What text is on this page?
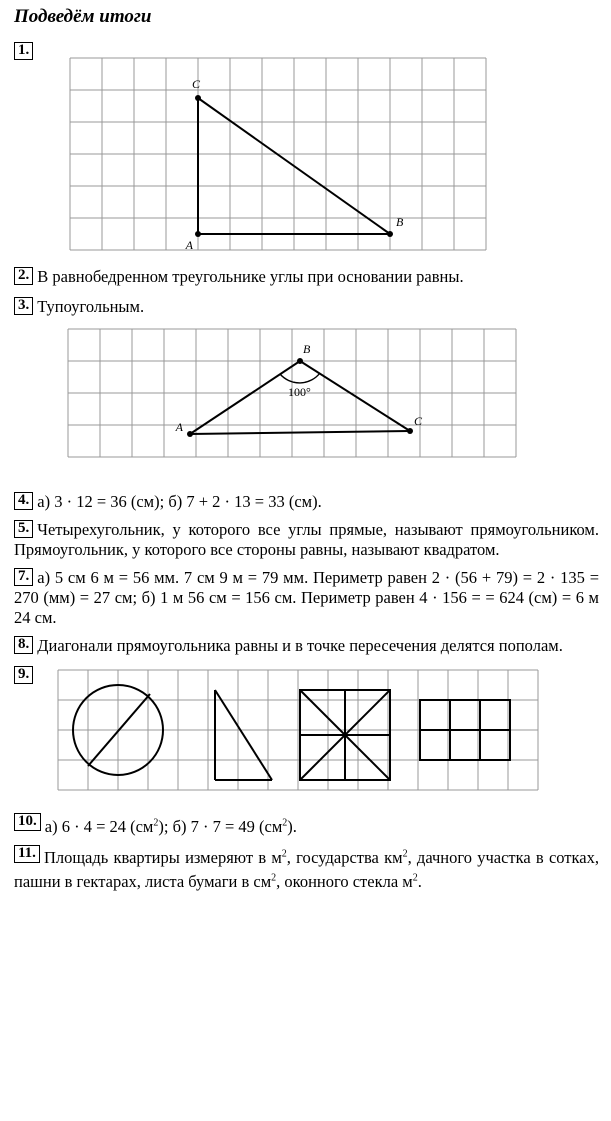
Подведём итоги
1.
C
A
B
2. В равнобедренном треугольнике углы при основании равны.
3. Тупоугольным.
B
A	C
100°
4. а) 3 · 12 = 36 (см); б) 7 + 2 · 13 = 33 (см).
5. Четырехугольник, у которого все углы прямые, называют прямоугольником. Прямоугольник, у которого все стороны равны, называют квадратом.
7. а) 5 см 6 м = 56 мм. 7 см 9 м = 79 мм. Периметр равен 2 · (56 + 79) = 2 · 135 = 270 (мм) = 27 см; б) 1 м 56 см = 156 см. Периметр равен 4 · 156 = = 624 (см) = 6 м 24 см.
8. Диагонали прямоугольника равны и в точке пересечения делятся пополам.
9.
10. а) 6 · 4 = 24 $(см^2)$; б) 7 · 7 = 49 $(см^2)$.
11. Площадь квартиры измеряют в $м^2$, государства $км^2$, дачного участка в сотках, пашни в гектарах, листа бумаги в $см^2$, оконного стекла $м^2$.
